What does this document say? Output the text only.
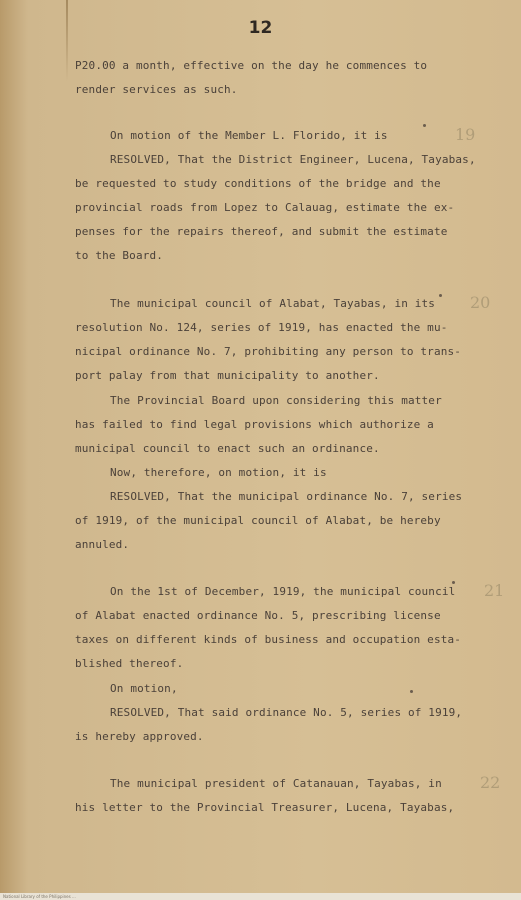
12
P20.00 a month, effective on the day he commences to
render services as such.
On motion of the Member L. Florido, it is	19
RESOLVED, That the District Engineer, Lucena, Tayabas,
be requested to study conditions of the bridge and the
provincial roads from Lopez to Calauag, estimate the ex-
penses for the repairs thereof, and submit the estimate
to the Board.
The municipal council of Alabat, Tayabas, in its 20
resolution No. 124, series of 1919, has enacted the mu-
nicipal ordinance No. 7, prohibiting any person to trans-
port palay from that municipality to another.
The Provincial Board upon considering this matter
has failed to find legal provisions which authorize a
municipal council to enact such an ordinance.
Now, therefore, on motion, it is
RESOLVED, That the municipal ordinance No. 7, series
of 1919, of the municipal council of Alabat, be hereby
annuled.
On the 1st of December, 1919, the municipal council 21
of Alabat enacted ordinance No. 5, prescribing license
taxes on different kinds of business and occupation esta-
blished thereof.
On motion,
RESOLVED, That said ordinance No. 5, series of 1919,
is hereby approved.
The municipal president of Catanauan, Tayabas, in 22
his letter to the Provincial Treasurer, Lucena, Tayabas,
National Library of the Philippines ...
